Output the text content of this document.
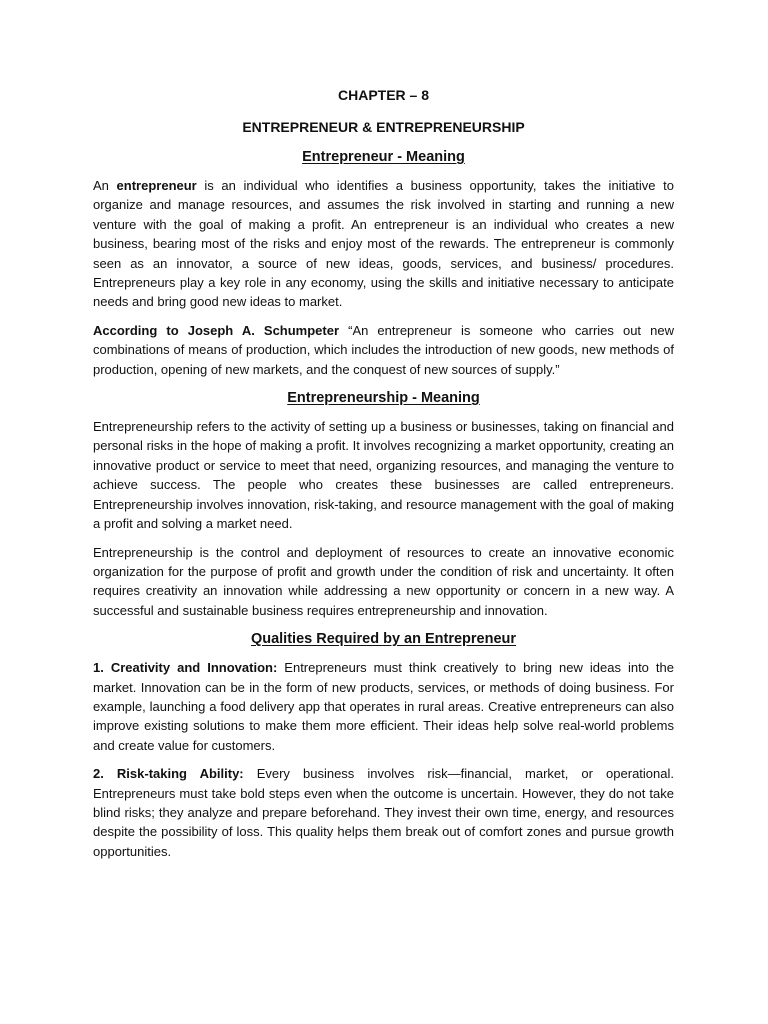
CHAPTER – 8
ENTREPRENEUR & ENTREPRENEURSHIP
Entrepreneur - Meaning

An entrepreneur is an individual who identifies a business opportunity, takes the initiative to organize and manage resources, and assumes the risk involved in starting and running a new venture with the goal of making a profit. An entrepreneur is an individual who creates a new business, bearing most of the risks and enjoy most of the rewards. The entrepreneur is commonly seen as an innovator, a source of new ideas, goods, services, and business/ procedures. Entrepreneurs play a key role in any economy, using the skills and initiative necessary to anticipate needs and bring good new ideas to market.

According to Joseph A. Schumpeter “An entrepreneur is someone who carries out new combinations of means of production, which includes the introduction of new goods, new methods of production, opening of new markets, and the conquest of new sources of supply.”

Entrepreneurship - Meaning

Entrepreneurship refers to the activity of setting up a business or businesses, taking on financial and personal risks in the hope of making a profit. It involves recognizing a market opportunity, creating an innovative product or service to meet that need, organizing resources, and managing the venture to achieve success. The people who creates these businesses are called entrepreneurs. Entrepreneurship involves innovation, risk-taking, and resource management with the goal of making a profit and solving a market need.

Entrepreneurship is the control and deployment of resources to create an innovative economic organization for the purpose of profit and growth under the condition of risk and uncertainty. It often requires creativity an innovation while addressing a new opportunity or concern in a new way. A successful and sustainable business requires entrepreneurship and innovation.

Qualities Required by an Entrepreneur

1. Creativity and Innovation: Entrepreneurs must think creatively to bring new ideas into the market. Innovation can be in the form of new products, services, or methods of doing business. For example, launching a food delivery app that operates in rural areas. Creative entrepreneurs can also improve existing solutions to make them more efficient. Their ideas help solve real-world problems and create value for customers.

2. Risk-taking Ability: Every business involves risk—financial, market, or operational. Entrepreneurs must take bold steps even when the outcome is uncertain. However, they do not take blind risks; they analyze and prepare beforehand. They invest their own time, energy, and resources despite the possibility of loss. This quality helps them break out of comfort zones and pursue growth opportunities.
